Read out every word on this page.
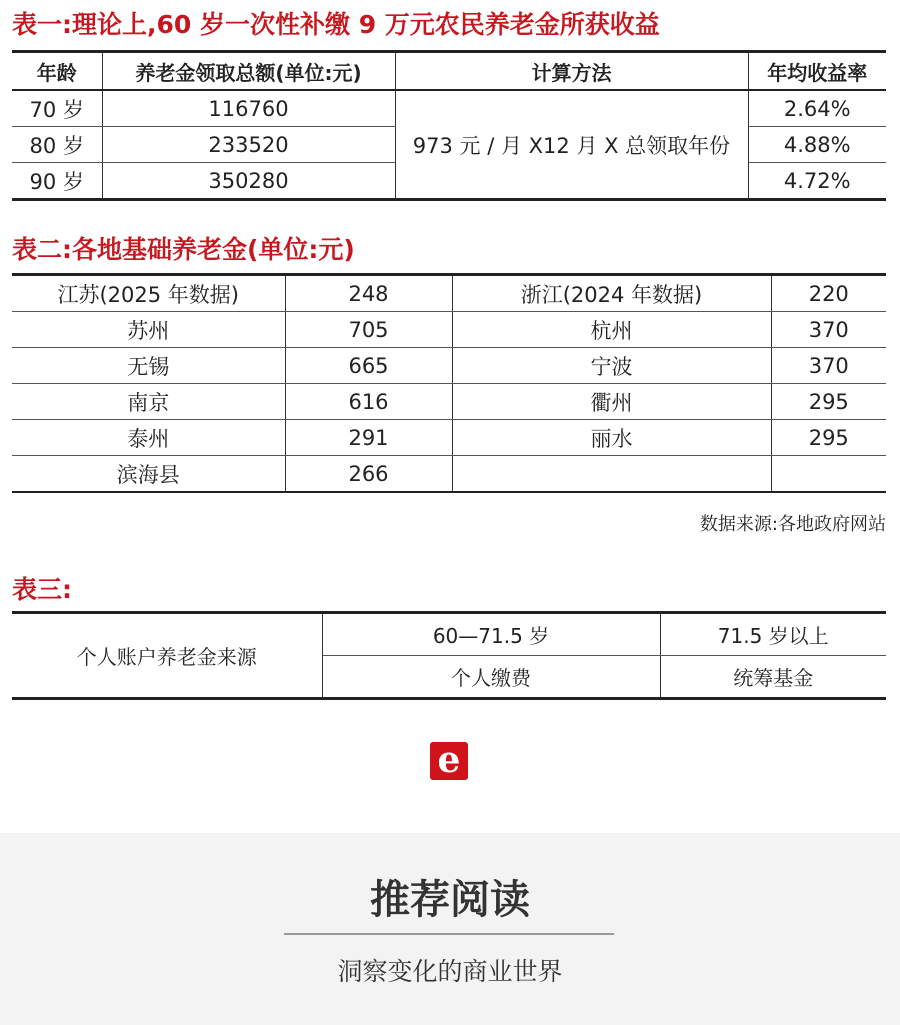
表一:理论上,60 岁一次性补缴 9 万元农民养老金所获收益
年龄	养老金领取总额(单位:元)	计算方法	年均收益率
70 岁	116760	973 元 / 月 X12 月 X 总领取年份	2.64%
80 岁	233520		4.88%
90 岁	350280		4.72%
表二:各地基础养老金(单位:元)
江苏(2025 年数据)	248	浙江(2024 年数据)	220
苏州	705	杭州	370
无锡	665	宁波	370
南京	616	衢州	295
泰州	291	丽水	295
滨海县	266		
数据来源:各地政府网站
表三:
个人账户养老金来源	60—71.5 岁	71.5 岁以上
	个人缴费	统筹基金
e
推荐阅读
洞察变化的商业世界
